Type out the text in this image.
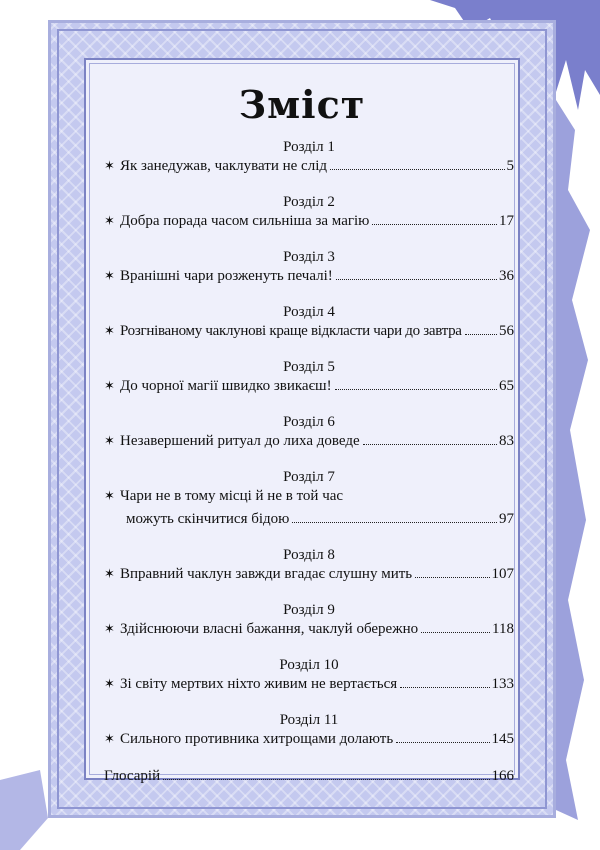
Зміст
Розділ 1
✶ Як занедужав, чаклувати не слід	5
Розділ 2
✶ Добра порада часом сильніша за магію	17
Розділ 3
✶ Вранішні чари розженуть печалі!	36
Розділ 4
✶ Розгніваному чаклунові краще відкласти чари до завтра 56
Розділ 5
✶ До чорної магії швидко звикаєш!	65
Розділ 6
✶ Незавершений ритуал до лиха доведе	83
Розділ 7
✶ Чари не в тому місці й не в той час
можуть скінчитися бідою	97
Розділ 8
✶ Вправний чаклун завжди вгадає слушну мить	107
Розділ 9
✶ Здійснюючи власні бажання, чаклуй обережно	118
Розділ 10
✶ Зі світу мертвих ніхто живим не вертається	133
Розділ 11
✶ Сильного противника хитрощами долають	145
Глосарій	166
